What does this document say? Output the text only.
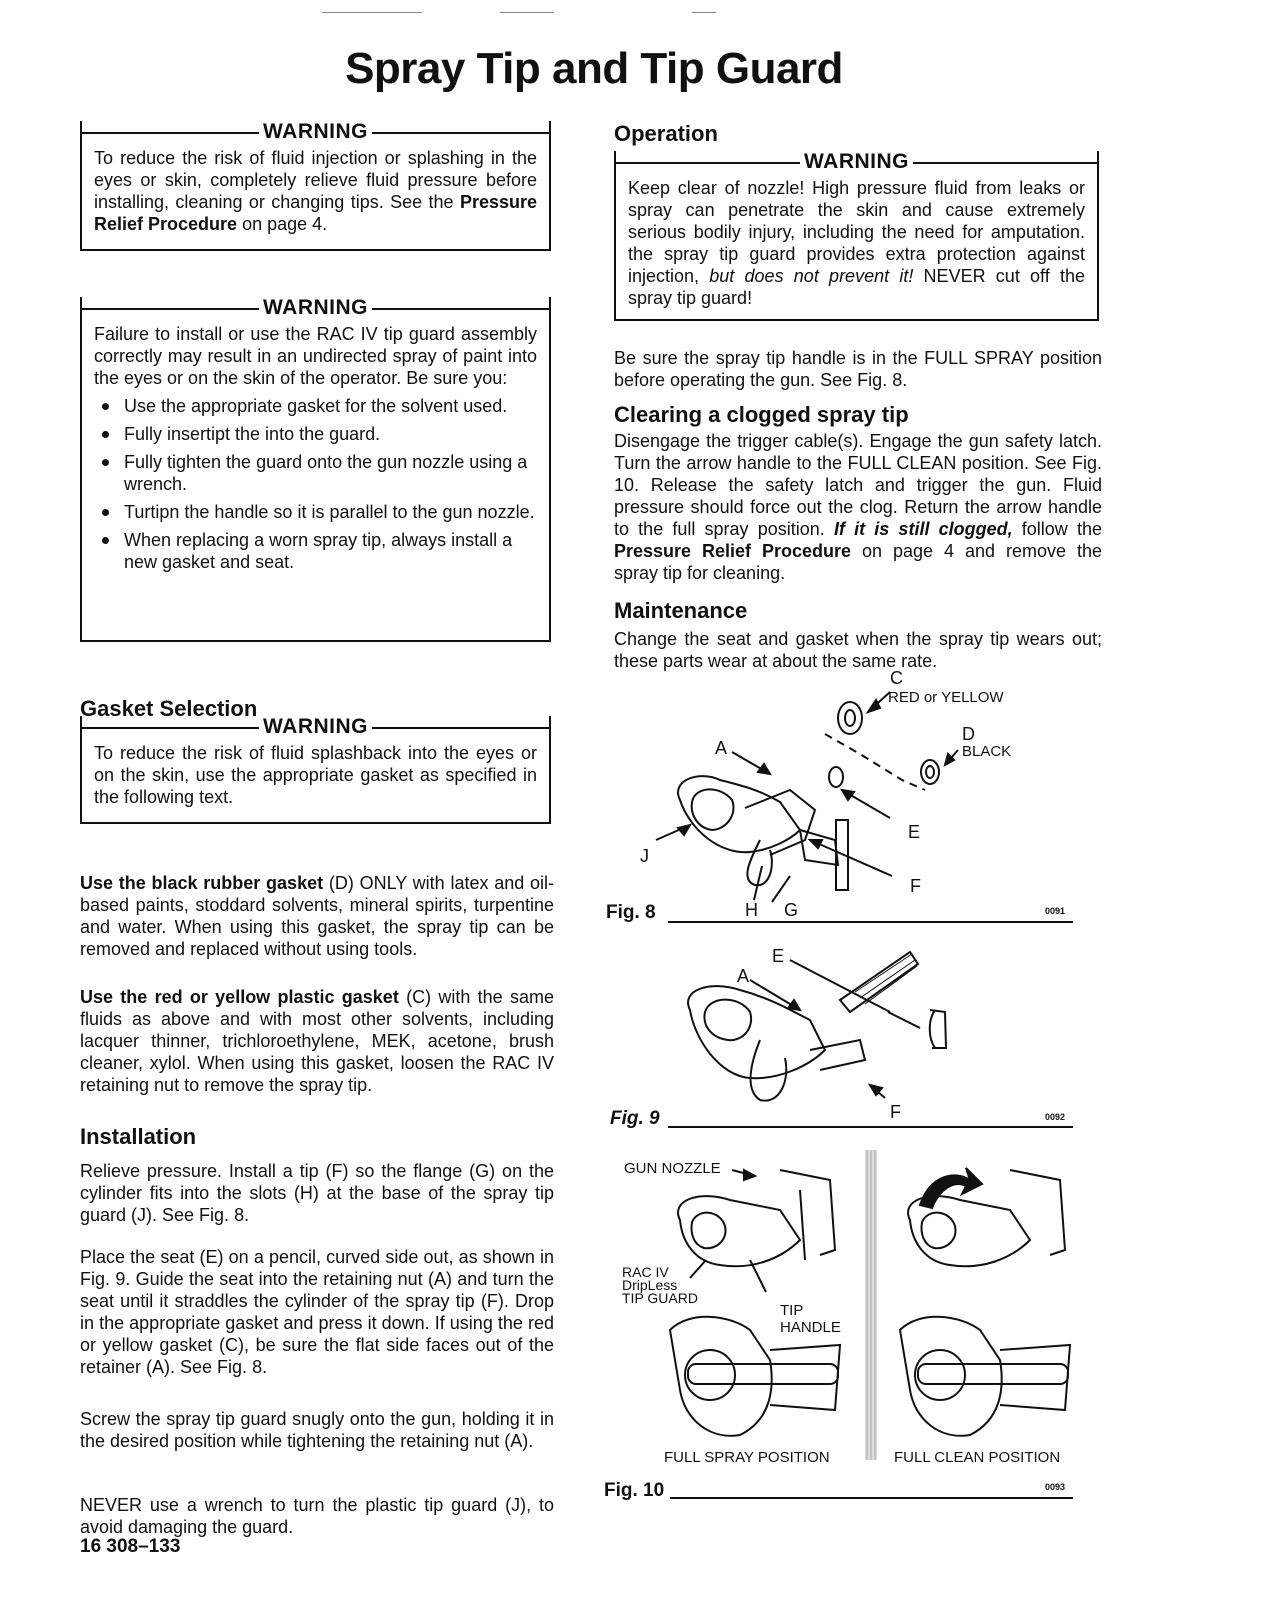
Spray Tip and Tip Guard
WARNING

To reduce the risk of fluid injection or splashing in the eyes or skin, completely relieve fluid pressure before installing, cleaning or changing tips. See the Pressure Relief Procedure on page 4.

WARNING

Failure to install or use the RAC IV tip guard assembly correctly may result in an undirected spray of paint into the eyes or on the skin of the operator. Be sure you:

Use the appropriate gasket for the solvent used.
Fully insertipt the into the guard.
Fully tighten the guard onto the gun nozzle using a wrench.
Turtipn the handle so it is parallel to the gun nozzle.
When replacing a worn spray tip, always install a new gasket and seat.
Gasket Selection
WARNING

To reduce the risk of fluid splashback into the eyes or on the skin, use the appropriate gasket as specified in the following text.

Use the black rubber gasket (D) ONLY with latex and oil-based paints, stoddard solvents, mineral spirits, turpentine and water. When using this gasket, the spray tip can be removed and replaced without using tools.

Use the red or yellow plastic gasket (C) with the same fluids as above and with most other solvents, including lacquer thinner, trichloroethylene, MEK, acetone, brush cleaner, xylol. When using this gasket, loosen the RAC IV retaining nut to remove the spray tip.

Installation

Relieve pressure. Install a tip (F) so the flange (G) on the cylinder fits into the slots (H) at the base of the spray tip guard (J). See Fig. 8.

Place the seat (E) on a pencil, curved side out, as shown in Fig. 9. Guide the seat into the retaining nut (A) and turn the seat until it straddles the cylinder of the spray tip (F). Drop in the appropriate gasket and press it down. If using the red or yellow gasket (C), be sure the flat side faces out of the retainer (A). See Fig. 8.

Screw the spray tip guard snugly onto the gun, holding it in the desired position while tightening the retaining nut (A).

NEVER use a wrench to turn the plastic tip guard (J), to avoid damaging the guard.

16 308–133
Operation
WARNING

Keep clear of nozzle! High pressure fluid from leaks or spray can penetrate the skin and cause extremely serious bodily injury, including the need for amputation. the spray tip guard provides extra protection against injection, but does not prevent it! NEVER cut off the spray tip guard!

Be sure the spray tip handle is in the FULL SPRAY position before operating the gun. See Fig. 8.

Clearing a clogged spray tip

Disengage the trigger cable(s). Engage the gun safety latch. Turn the arrow handle to the FULL CLEAN position. See Fig. 10. Release the safety latch and trigger the gun. Fluid pressure should force out the clog. Return the arrow handle to the full spray position. If it is still clogged, follow the Pressure Relief Procedure on page 4 and remove the spray tip for cleaning.

Maintenance

Change the seat and gasket when the spray tip wears out; these parts wear at about the same rate.

C
RED or YELLOW
D
BLACK
A
E
F
J
H G
Fig. 8	0091
E
A
F
Fig. 9	0092
GUN NOZZLE
RAC IV
DripLess
TIP GUARD
TIP
HANDLE
FULL SPRAY POSITION	FULL CLEAN POSITION
Fig. 10	0093
